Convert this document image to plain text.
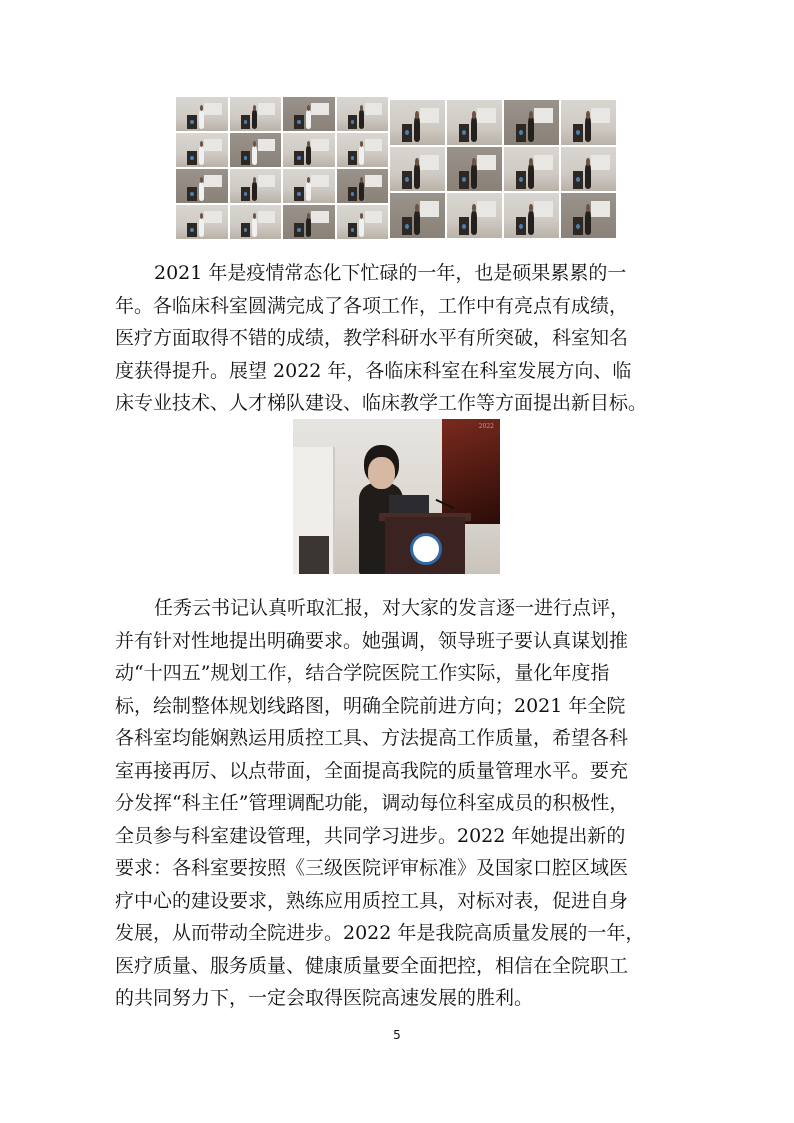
2021 年是疫情常态化下忙碌的一年，也是硕果累累的一
年。各临床科室圆满完成了各项工作，工作中有亮点有成绩，
医疗方面取得不错的成绩，教学科研水平有所突破，科室知名
度获得提升。展望 2022 年，各临床科室在科室发展方向、临
床专业技术、人才梯队建设、临床教学工作等方面提出新目标。

2022

任秀云书记认真听取汇报，对大家的发言逐一进行点评，
并有针对性地提出明确要求。她强调，领导班子要认真谋划推
动“十四五”规划工作，结合学院医院工作实际，量化年度指
标，绘制整体规划线路图，明确全院前进方向；2021 年全院
各科室均能娴熟运用质控工具、方法提高工作质量，希望各科
室再接再厉、以点带面，全面提高我院的质量管理水平。要充
分发挥“科主任”管理调配功能，调动每位科室成员的积极性，
全员参与科室建设管理，共同学习进步。2022 年她提出新的
要求：各科室要按照《三级医院评审标准》及国家口腔区域医
疗中心的建设要求，熟练应用质控工具，对标对表，促进自身
发展，从而带动全院进步。2022 年是我院高质量发展的一年，
医疗质量、服务质量、健康质量要全面把控，相信在全院职工
的共同努力下，一定会取得医院高速发展的胜利。

5
